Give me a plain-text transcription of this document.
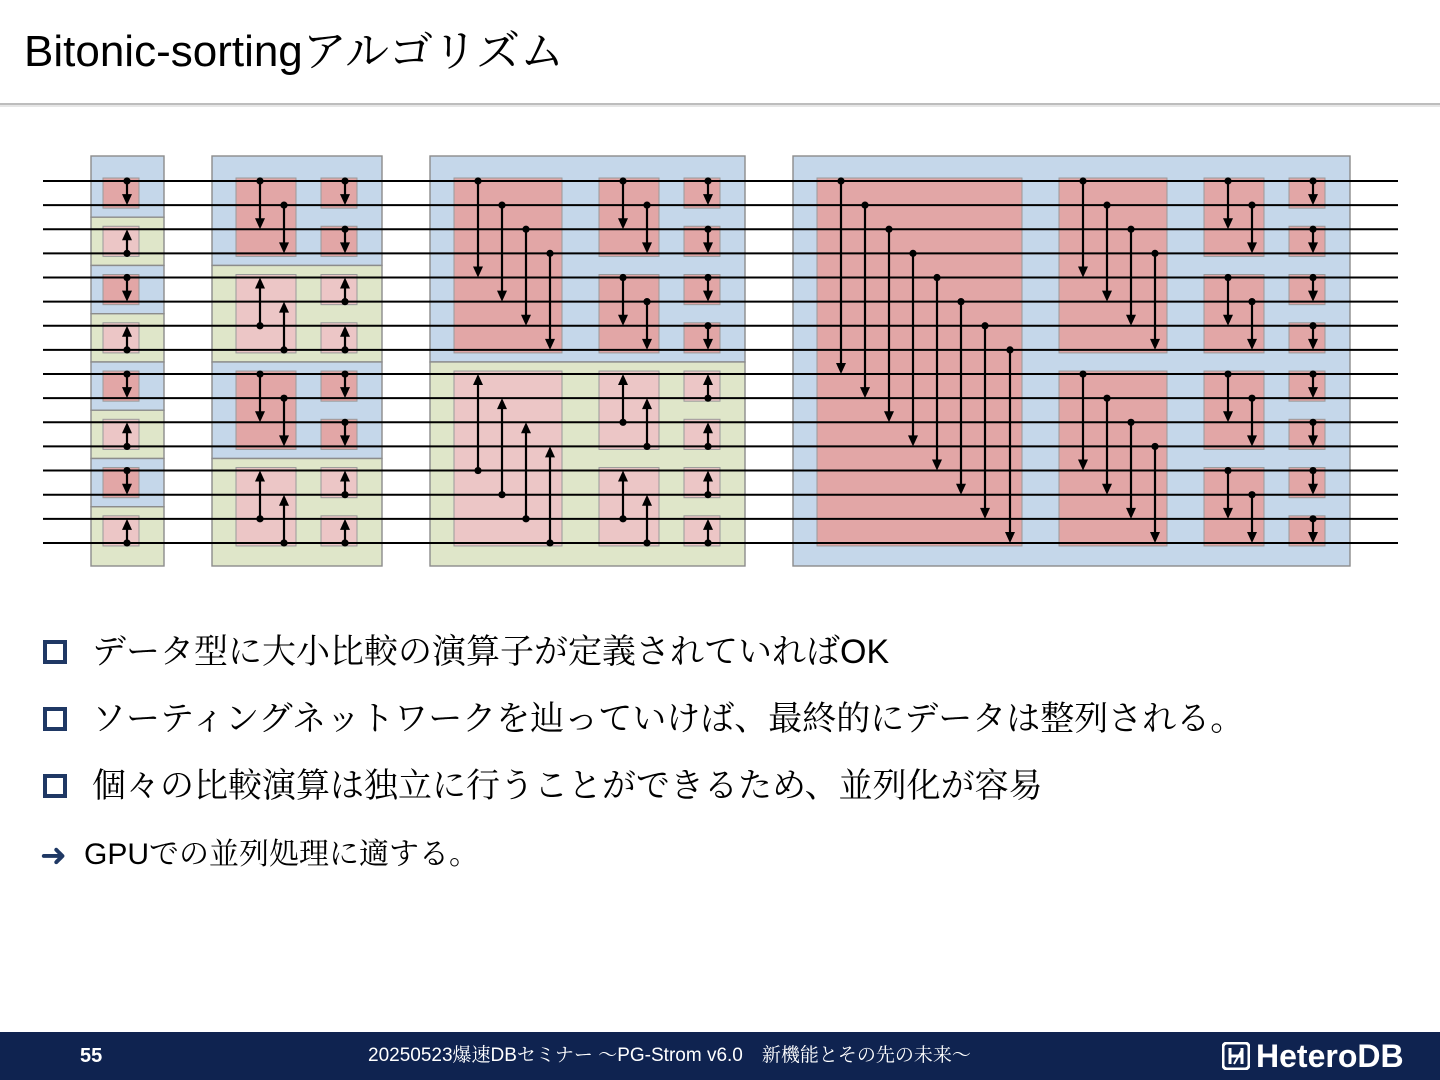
Bitonic-sortingアルゴリズム
データ型に大小比較の演算子が定義されていればOK
ソーティングネットワークを辿っていけば、最終的にデータは整列される。
個々の比較演算は独立に行うことができるため、並列化が容易
➜ GPUでの並列処理に適する。
55	20250523爆速DBセミナー ～PG-Strom v6.0　新機能とその先の未来～	HeteroDB
